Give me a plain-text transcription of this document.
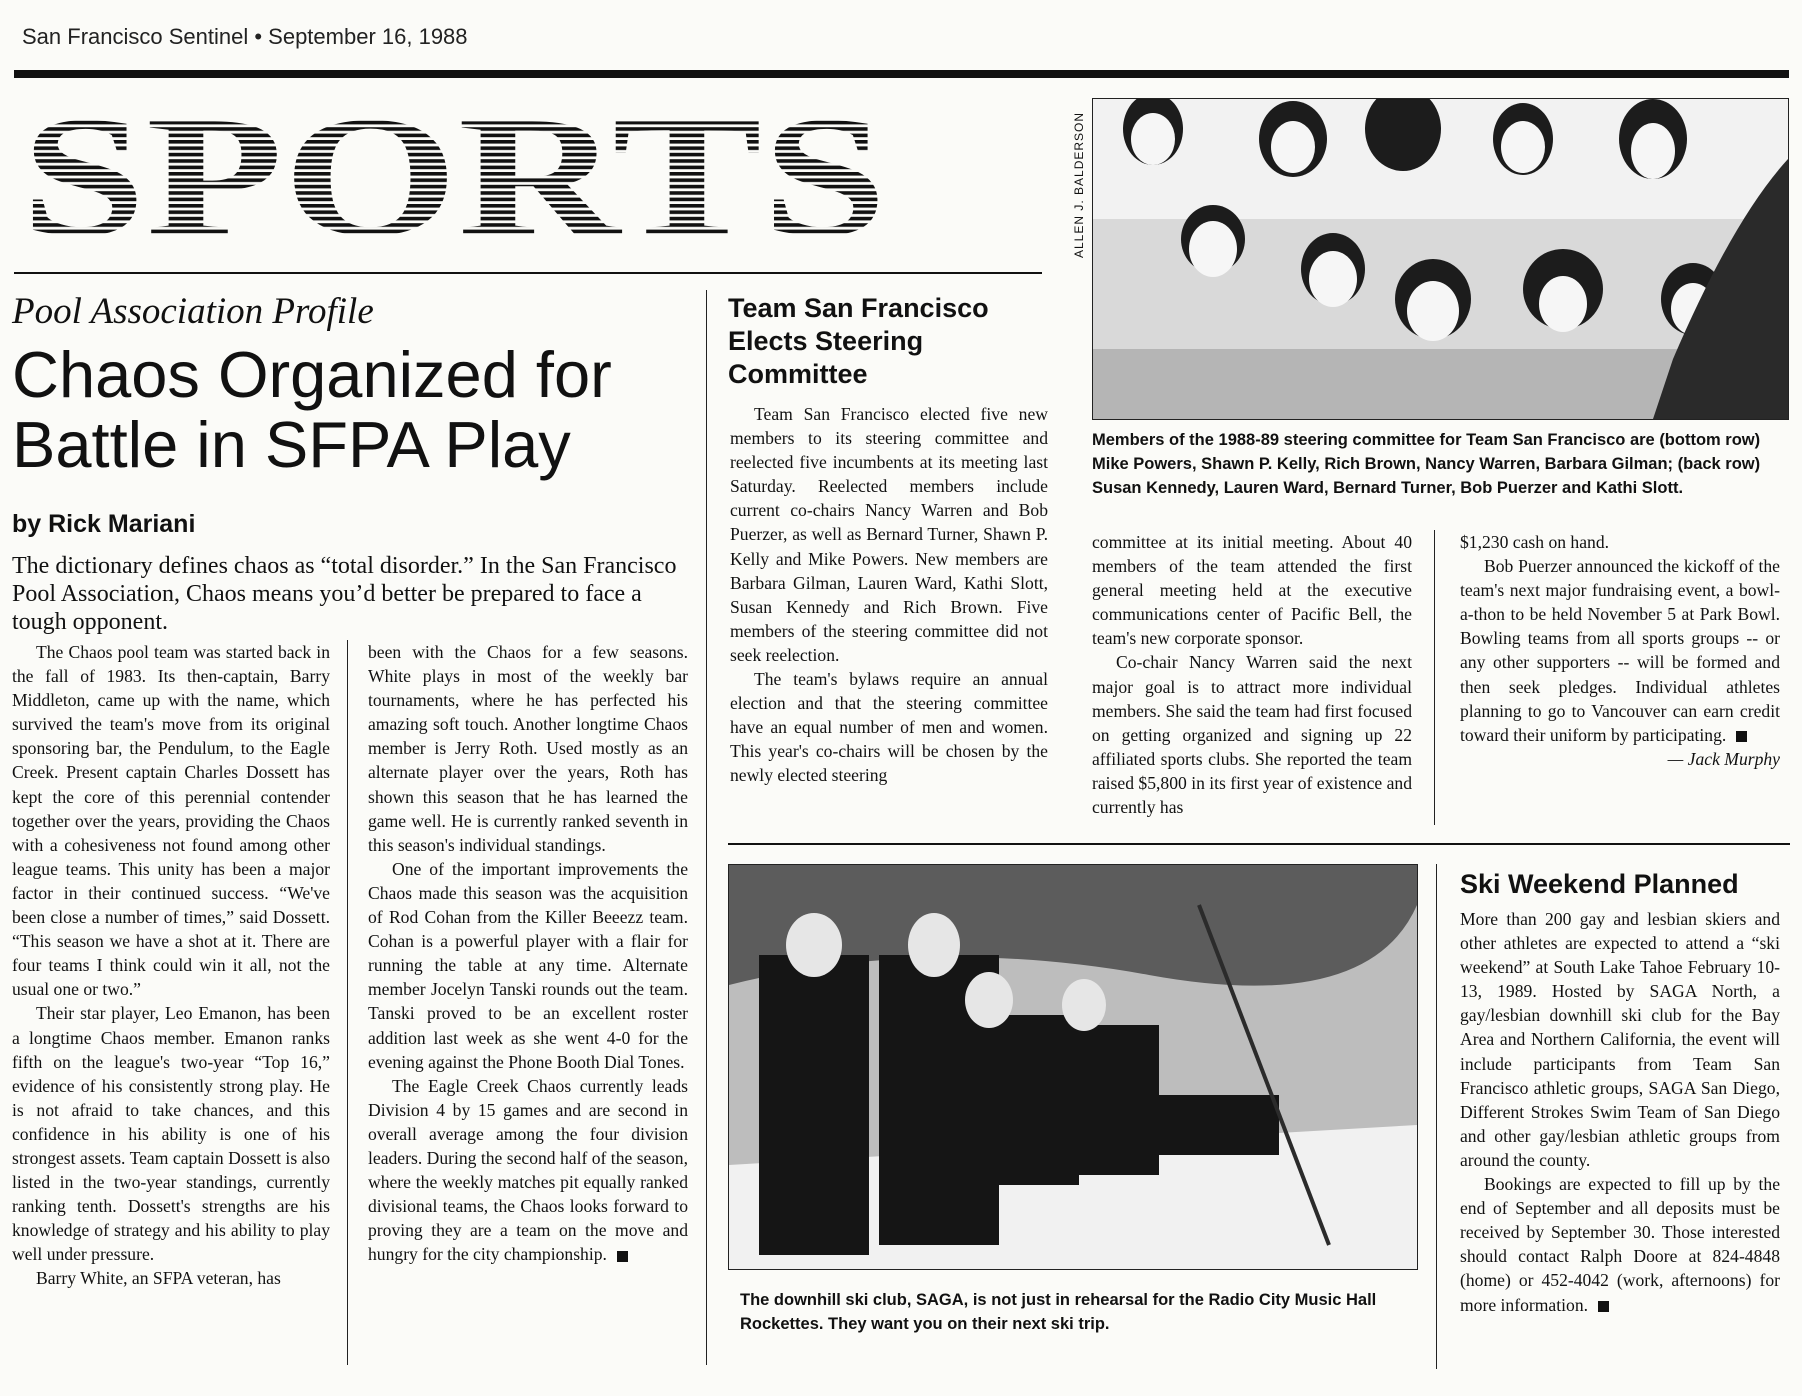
San Francisco Sentinel • September 16, 1988
SPORTS
Pool Association Profile
Chaos Organized for Battle in SFPA Play
by Rick Mariani
The dictionary defines chaos as “total disorder.” In the San Francisco Pool Association, Chaos means you’d better be prepared to face a tough opponent.

The Chaos pool team was started back in the fall of 1983. Its then-captain, Barry Middleton, came up with the name, which survived the team's move from its original sponsoring bar, the Pendulum, to the Eagle Creek. Present captain Charles Dossett has kept the core of this perennial contender together over the years, providing the Chaos with a cohesiveness not found among other league teams. This unity has been a major factor in their continued success. “We've been close a number of times,” said Dossett. “This season we have a shot at it. There are four teams I think could win it all, not the usual one or two.”

Their star player, Leo Emanon, has been a longtime Chaos member. Emanon ranks fifth on the league's two-year “Top 16,” evidence of his consistently strong play. He is not afraid to take chances, and this confidence in his ability is one of his strongest assets. Team captain Dossett is also listed in the two-year standings, currently ranking tenth. Dossett's strengths are his knowledge of strategy and his ability to play well under pressure.

Barry White, an SFPA veteran, has

been with the Chaos for a few seasons. White plays in most of the weekly bar tournaments, where he has perfected his amazing soft touch. Another longtime Chaos member is Jerry Roth. Used mostly as an alternate player over the years, Roth has shown this season that he has learned the game well. He is currently ranked seventh in this season's individual standings.

One of the important improvements the Chaos made this season was the acquisition of Rod Cohan from the Killer Beeezz team. Cohan is a powerful player with a flair for running the table at any time. Alternate member Jocelyn Tanski rounds out the team. Tanski proved to be an excellent roster addition last week as she went 4-0 for the evening against the Phone Booth Dial Tones.

The Eagle Creek Chaos currently leads Division 4 by 15 games and are second in overall average among the four division leaders. During the second half of the season, where the weekly matches pit equally ranked divisional teams, the Chaos looks forward to proving they are a team on the move and hungry for the city championship.

Team San Francisco Elects Steering Committee

Team San Francisco elected five new members to its steering committee and reelected five incumbents at its meeting last Saturday. Reelected members include current co-chairs Nancy Warren and Bob Puerzer, as well as Bernard Turner, Shawn P. Kelly and Mike Powers. New members are Barbara Gilman, Lauren Ward, Kathi Slott, Susan Kennedy and Rich Brown. Five members of the steering committee did not seek reelection.

The team's bylaws require an annual election and that the steering committee have an equal number of men and women. This year's co-chairs will be chosen by the newly elected steering

ALLEN J. BALDERSON
Members of the 1988-89 steering committee for Team San Francisco are (bottom row) Mike Powers, Shawn P. Kelly, Rich Brown, Nancy Warren, Barbara Gilman; (back row) Susan Kennedy, Lauren Ward, Bernard Turner, Bob Puerzer and Kathi Slott.

committee at its initial meeting. About 40 members of the team attended the first general meeting held at the executive communications center of Pacific Bell, the team's new corporate sponsor.

Co-chair Nancy Warren said the next major goal is to attract more individual members. She said the team had first focused on getting organized and signing up 22 affiliated sports clubs. She reported the team raised $5,800 in its first year of existence and currently has

$1,230 cash on hand.

Bob Puerzer announced the kickoff of the team's next major fundraising event, a bowl-a-thon to be held November 5 at Park Bowl. Bowling teams from all sports groups -- or any other supporters -- will be formed and then seek pledges. Individual athletes planning to go to Vancouver can earn credit toward their uniform by participating.

— Jack Murphy

The downhill ski club, SAGA, is not just in rehearsal for the Radio City Music Hall Rockettes. They want you on their next ski trip.
Ski Weekend Planned

More than 200 gay and lesbian skiers and other athletes are expected to attend a “ski weekend” at South Lake Tahoe February 10-13, 1989. Hosted by SAGA North, a gay/lesbian downhill ski club for the Bay Area and Northern California, the event will include participants from Team San Francisco athletic groups, SAGA San Diego, Different Strokes Swim Team of San Diego and other gay/lesbian athletic groups from around the county.

Bookings are expected to fill up by the end of September and all deposits must be received by September 30. Those interested should contact Ralph Doore at 824-4848 (home) or 452-4042 (work, afternoons) for more information.
